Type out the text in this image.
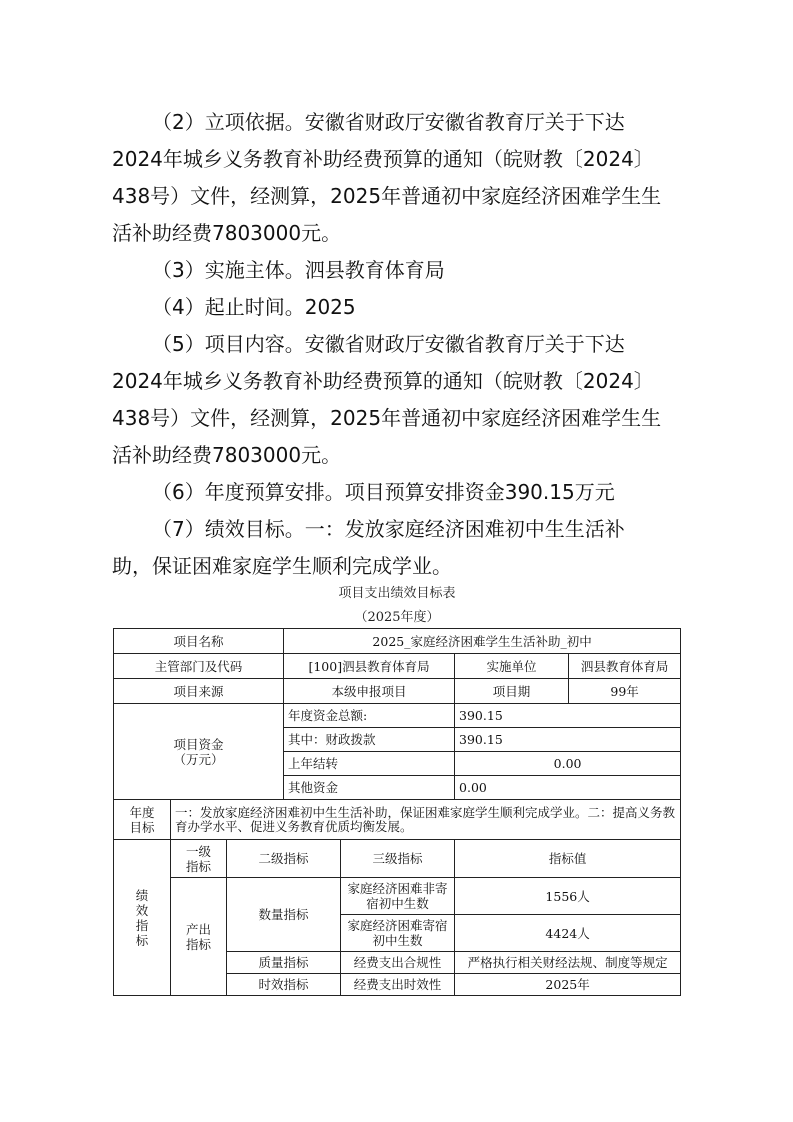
（2）立项依据。安徽省财政厅安徽省教育厅关于下达
2024年城乡义务教育补助经费预算的通知（皖财教〔2024〕
438号）文件，经测算，2025年普通初中家庭经济困难学生生
活补助经费7803000元。
（3）实施主体。泗县教育体育局
（4）起止时间。2025
（5）项目内容。安徽省财政厅安徽省教育厅关于下达
2024年城乡义务教育补助经费预算的通知（皖财教〔2024〕
438号）文件，经测算，2025年普通初中家庭经济困难学生生
活补助经费7803000元。
（6）年度预算安排。项目预算安排资金390.15万元
（7）绩效目标。一：发放家庭经济困难初中生生活补
助，保证困难家庭学生顺利完成学业。
项目支出绩效目标表
（2025年度）
项目名称			2025_家庭经济困难学生生活补助_初中			
主管部门及代码			[100]泗县教育体育局		实施单位	泗县教育体育局
项目来源			本级申报项目		项目期	99年

项目资金
（万元）			年度资金总额:		390.15	
			其中：财政拨款		390.15	
			上年结转		0.00	
			其他资金		0.00	
年度目标	一：发放家庭经济困难初中生生活补助，保证困难家庭学生顺利完成学业。二：提高义务教育办学水平、促进义务教育优质均衡发展。					
绩效指标	一级指标	二级指标		三级指标	指标值	
	产出指标	数量指标		家庭经济困难非寄宿初中生数	1556人	
				家庭经济困难寄宿初中生数	4424人	
		质量指标		经费支出合规性	严格执行相关财经法规、制度等规定	
		时效指标		经费支出时效性	2025年	
